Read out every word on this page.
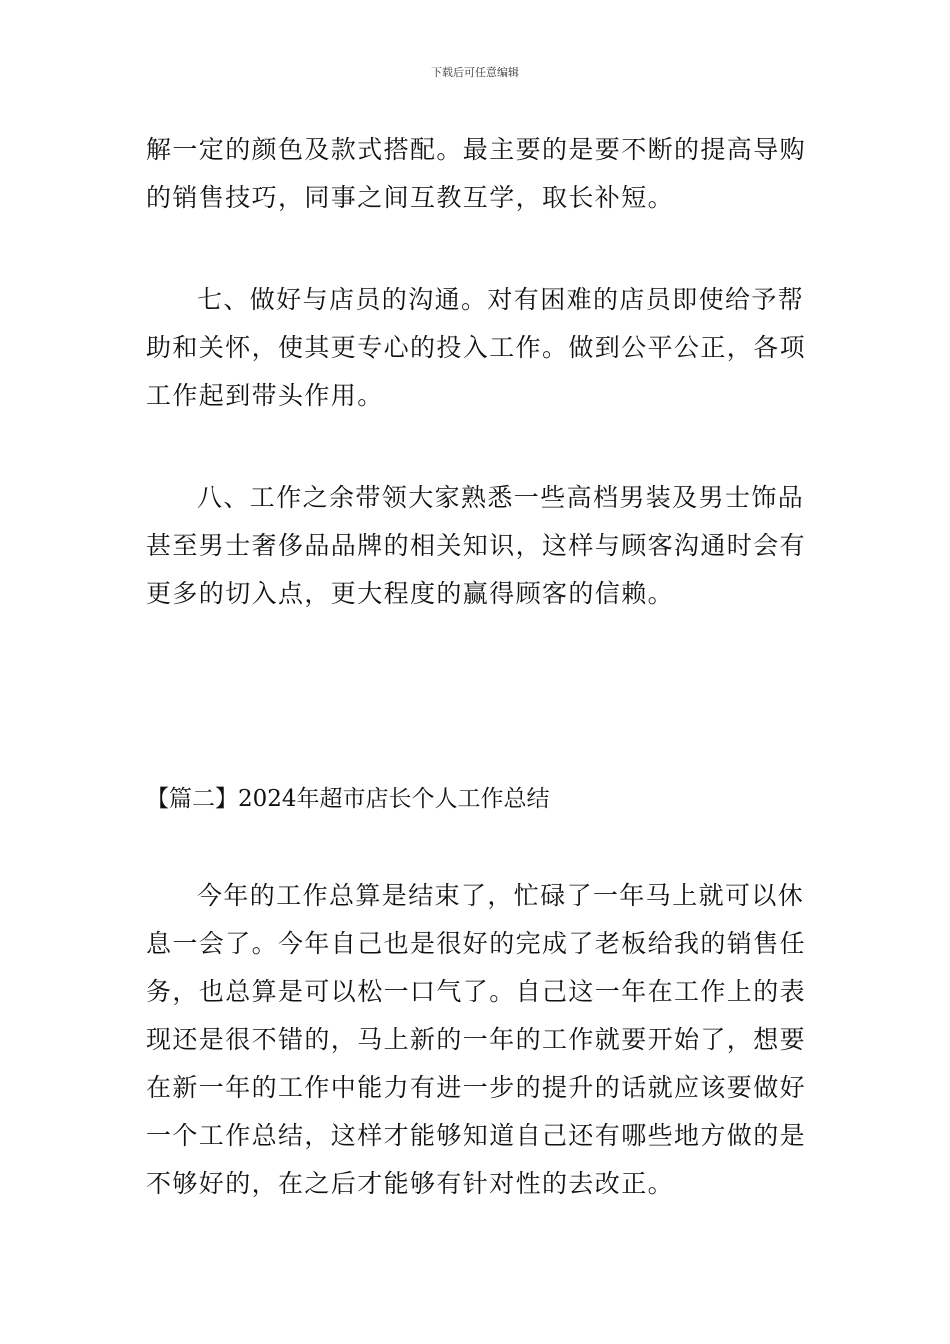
下载后可任意编辑

解一定的颜色及款式搭配。最主要的是要不断的提高导购
的销售技巧，同事之间互教互学，取长补短。

七、做好与店员的沟通。对有困难的店员即使给予帮
助和关怀，使其更专心的投入工作。做到公平公正，各项
工作起到带头作用。

八、工作之余带领大家熟悉一些高档男装及男士饰品
甚至男士奢侈品品牌的相关知识，这样与顾客沟通时会有
更多的切入点，更大程度的赢得顾客的信赖。

【篇二】2024年超市店长个人工作总结

今年的工作总算是结束了，忙碌了一年马上就可以休
息一会了。今年自己也是很好的完成了老板给我的销售任
务，也总算是可以松一口气了。自己这一年在工作上的表
现还是很不错的，马上新的一年的工作就要开始了，想要
在新一年的工作中能力有进一步的提升的话就应该要做好
一个工作总结，这样才能够知道自己还有哪些地方做的是
不够好的，在之后才能够有针对性的去改正。
